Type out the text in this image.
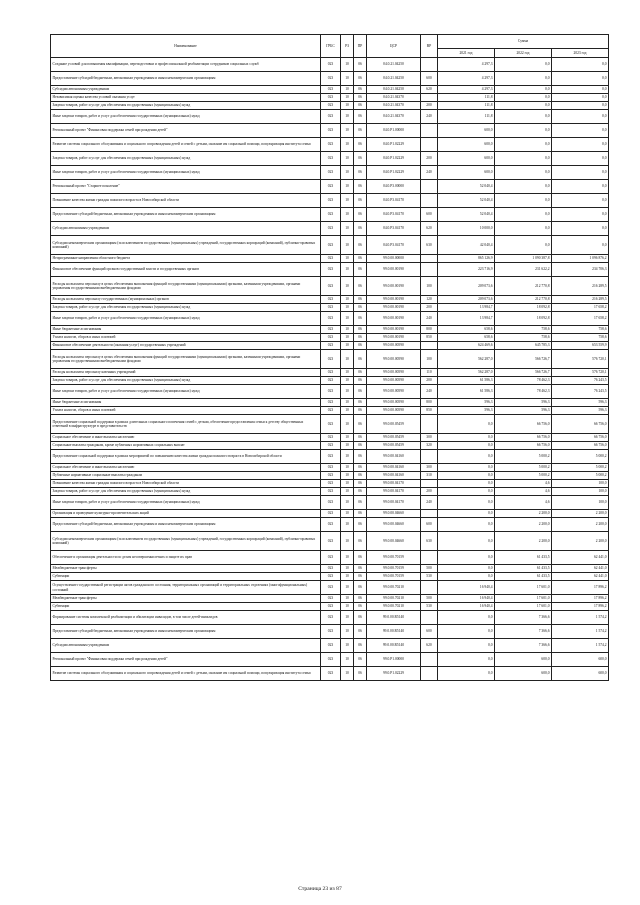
Наименование	ГРБС	РЗ	ПР	ЦСР	ВР	Сумма		
						2021 год	2022 год	2023 год
Создание условий для повышения квалификации, переподготовки и профессиональной реабилитации сотрудников социальных служб	023	10	06	04.0.21.04250		4 297,3	0,0	0,0
Предоставление субсидий бюджетным, автономным учреждениям и иным некоммерческим организациям	023	10	06	04.0.21.04250	600	4 297,3	0,0	0,0
Субсидии автономным учреждениям	023	10	06	04.0.21.04250	620	4 297,3	0,0	0,0
Независимая оценка качества условий оказания услуг	023	10	06	04.0.21.04370		111,8	0,0	0,0
Закупка товаров, работ и услуг для обеспечения государственных (муниципальных) нужд	023	10	06	04.0.21.04370	200	111,8	0,0	0,0
Иные закупки товаров, работ и услуг для обеспечения государственных (муниципальных) нужд	023	10	06	04.0.21.04370	240	111,8	0,0	0,0
Региональный проект "Финансовая поддержка семей при рождении детей"	023	10	06	04.0.P1.00000		600,0	0,0	0,0
Развитие системы социального обслуживания и социального сопровождения детей и семей с детьми, оказание им социальной помощи, популяризация института семьи	023	10	06	04.0.P1.02229		600,0	0,0	0,0
Закупка товаров, работ и услуг для обеспечения государственных (муниципальных) нужд	023	10	06	04.0.P1.02229	200	600,0	0,0	0,0
Иные закупки товаров, работ и услуг для обеспечения государственных (муниципальных) нужд	023	10	06	04.0.P1.02229	240	600,0	0,0	0,0
Региональный проект "Старшее поколение"	023	10	06	04.0.P3.00000		52 040,4	0,0	0,0
Повышение качества жизни граждан пожилого возраста в Новосибирской области	023	10	06	04.0.P3.04170		52 040,4	0,0	0,0
Предоставление субсидий бюджетным, автономным учреждениям и иным некоммерческим организациям	023	10	06	04.0.P3.04170	600	52 040,4	0,0	0,0
Субсидии автономным учреждениям	023	10	06	04.0.P3.04170	620	10 000,0	0,0	0,0
Субсидии некоммерческим организациям (за исключением государственных (муниципальных) учреждений, государственных корпораций (компаний), публично-правовых компаний)	023	10	06	04.0.P3.04170	630	42 040,4	0,0	0,0
Непрограммные направления областного бюджета	023	10	06	99.0.00.00000		865 126,9	1 090 387,8	1 096 876,2
Финансовое обеспечение функций органов государственной власти и государственных органов	023	10	06	99.0.00.00190		223 716,9	231 622,2	234 706,3
Расходы на выплаты персоналу в целях обеспечения выполнения функций государственными (муниципальными) органами, казенными учреждениями, органами управления государственными внебюджетными фондами	023	10	06	99.0.00.00190	100	209 073,6	212 770,8	216 289,5
Расходы на выплаты персоналу государственных (муниципальных) органов	023	10	06	99.0.00.00190	120	209 073,6	212 770,8	216 289,5
Закупка товаров, работ и услуг для обеспечения государственных (муниципальных) нужд	023	10	06	99.0.00.00190	200	13 984,7	18 092,8	17 658,2
Иные закупки товаров, работ и услуг для обеспечения государственных (муниципальных) нужд	023	10	06	99.0.00.00190	240	13 984,7	18 092,8	17 658,2
Иные бюджетные ассигнования	023	10	06	99.0.00.00190	800	658,6	758,6	758,6
Уплата налогов, сборов и иных платежей	023	10	06	99.0.00.00190	850	658,6	758,6	758,6
Финансовое обеспечение деятельности (оказания услуг) государственных учреждений	023	10	06	99.0.00.00590		624 469,6	645 785,3	653 559,9
Расходы на выплаты персоналу в целях обеспечения выполнения функций государственными (муниципальными) органами, казенными учреждениями, органами управления государственными внебюджетными фондами	023	10	06	99.0.00.00590	100	562 287,0	566 726,7	576 720,1
Расходы на выплаты персоналу казенных учреждений	023	10	06	99.0.00.00590	110	562 287,0	566 726,7	576 720,1
Закупка товаров, работ и услуг для обеспечения государственных (муниципальных) нужд	023	10	06	99.0.00.00590	200	61 586,3	78 462,3	76 243,5
Иные закупки товаров, работ и услуг для обеспечения государственных (муниципальных) нужд	023	10	06	99.0.00.00590	240	61 586,3	78 462,3	76 243,5
Иные бюджетные ассигнования	023	10	06	99.0.00.00590	800	596,3	596,3	596,3
Уплата налогов, сборов и иных платежей	023	10	06	99.0.00.00590	850	596,3	596,3	596,3
Предоставление социальной поддержки в рамках длительных социального попечения семей с детьми, обеспечение предоставления семьи к детству общественных ответений в инфраструктуре в представительств	023	10	06	99.0.00.05459		0,0	66 756,0	66 756,0
Социальное обеспечение и иные выплаты населению	023	10	06	99.0.00.05459	300	0,0	66 756,0	66 756,0
Социальные выплаты гражданам, кроме публичных нормативных социальных выплат	023	10	06	99.0.00.05459	320	0,0	66 756,0	66 756,0
Предоставление социальной поддержки в рамках мероприятий по повышению качества жизни граждан пожилого возраста в Новосибирской области	023	10	06	99.0.00.04160		0,0	5 000,2	5 000,2
Социальное обеспечение и иные выплаты населению	023	10	06	99.0.00.04160	300	0,0	5 000,2	5 000,2
Публичные нормативные социальные выплаты гражданам	023	10	06	99.0.00.04160	310	0,0	5 000,2	5 000,2
Повышение качества жизни граждан пожилого возраста в Новосибирской области	023	10	06	99.0.00.04170		0,0	4,6	100,0
Закупка товаров, работ и услуг для обеспечения государственных (муниципальных) нужд	023	10	06	99.0.00.04170	200	0,0	4,6	100,0
Иные закупки товаров, работ и услуг для обеспечения государственных (муниципальных) нужд	023	10	06	99.0.00.04170	240	0,0	4,6	100,0
Организация и проведение культурно-просветительских акций	023	10	06	99.0.00.04660		0,0	2 200,0	2 200,0
Предоставление субсидий бюджетным, автономным учреждениям и иным некоммерческим организациям	023	10	06	99.0.00.04660	600	0,0	2 200,0	2 200,0
Субсидии некоммерческим организациям (за исключением государственных (муниципальных) учреждений, государственных корпораций (компаний), публично-правовых компаний)	023	10	06	99.0.00.04660	630	0,0	2 200,0	2 200,0
Обеспечение и организация деятельности по делам несовершеннолетних и защите их прав	023	10	06	99.0.00.70159		0,0	61 433,5	62 441,0
Межбюджетные трансферты	023	10	06	99.0.00.70159	500	0,0	61 433,5	62 441,0
Субвенции	023	10	06	99.0.00.70159	530	0,0	61 433,5	62 441,0
Осуществление государственной регистрации актов гражданского состояния, территориальных организаций и территориальных отделениях (многофункциональных) состояний	023	10	06	99.0.00.70210		16 940,4	17 601,0	17 896,2
Межбюджетные трансферты	023	10	06	99.0.00.70210	500	16 940,4	17 601,0	17 896,2
Субвенции	023	10	06	99.0.00.70210	530	16 940,4	17 601,0	17 896,2
Формирование системы комплексной реабилитации и абилитации инвалидов, в том числе детей-инвалидов	023	10	06	99.0.00.R5140		0,0	7 366,6	1 574,2
Предоставление субсидий бюджетным, автономным учреждениям и иным некоммерческим организациям	023	10	06	99.0.00.R5140	600	0,0	7 366,6	1 574,2
Субсидии автономным учреждениям	023	10	06	99.0.00.R5140	620	0,0	7 366,6	1 574,2
Региональный проект "Финансовая поддержка семей при рождении детей"	023	10	06	99.0.P1.00000		0,0	600,0	600,0
Развитие системы социального обслуживания и социального сопровождения детей и семей с детьми, оказание им социальной помощи, популяризация института семьи	023	10	06	99.0.P1.02229		0,0	600,0	600,0
Страница 23 из 87
